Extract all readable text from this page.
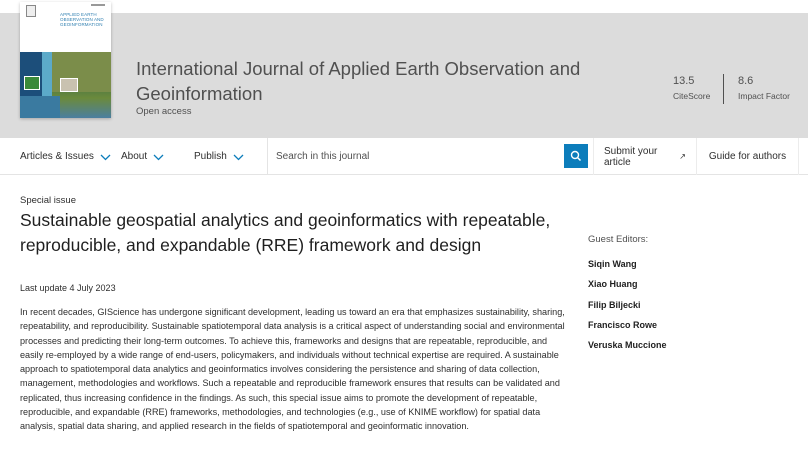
International Journal of Applied Earth Observation and Geoinformation
Open access
13.5
CiteScore
8.6
Impact Factor
APPLIED EARTH
OBSERVATION AND
GEOINFORMATION
Articles & Issues	About	Publish
Search in this journal	Submit your article	↗ Guide for authors
Special issue
Sustainable geospatial analytics and geoinformatics with repeatable, reproducible, and expandable (RRE) framework and design
Last update 4 July 2023

In recent decades, GIScience has undergone significant development, leading us toward an era that emphasizes sustainability, sharing, repeatability, and reproducibility. Sustainable spatiotemporal data analysis is a critical aspect of understanding social and environmental processes and predicting their long-term outcomes. To achieve this, frameworks and designs that are repeatable, reproducible, and easily re-employed by a wide range of end-users, policymakers, and individuals without technical expertise are required. A sustainable approach to spatiotemporal data analytics and geoinformatics involves considering the persistence and sharing of data collection, management, methodologies and workflows. Such a repeatable and reproducible framework ensures that results can be validated and replicated, thus increasing confidence in the findings. As such, this special issue aims to promote the development of repeatable, reproducible, and expandable (RRE) frameworks, methodologies, and technologies (e.g., use of KNIME workflow) for spatial data analysis, spatial data sharing, and applied research in the fields of spatiotemporal and geoinformatic innovation.

Guest Editors:
Siqin Wang
Xiao Huang
Filip Biljecki
Francisco Rowe
Veruska Muccione
